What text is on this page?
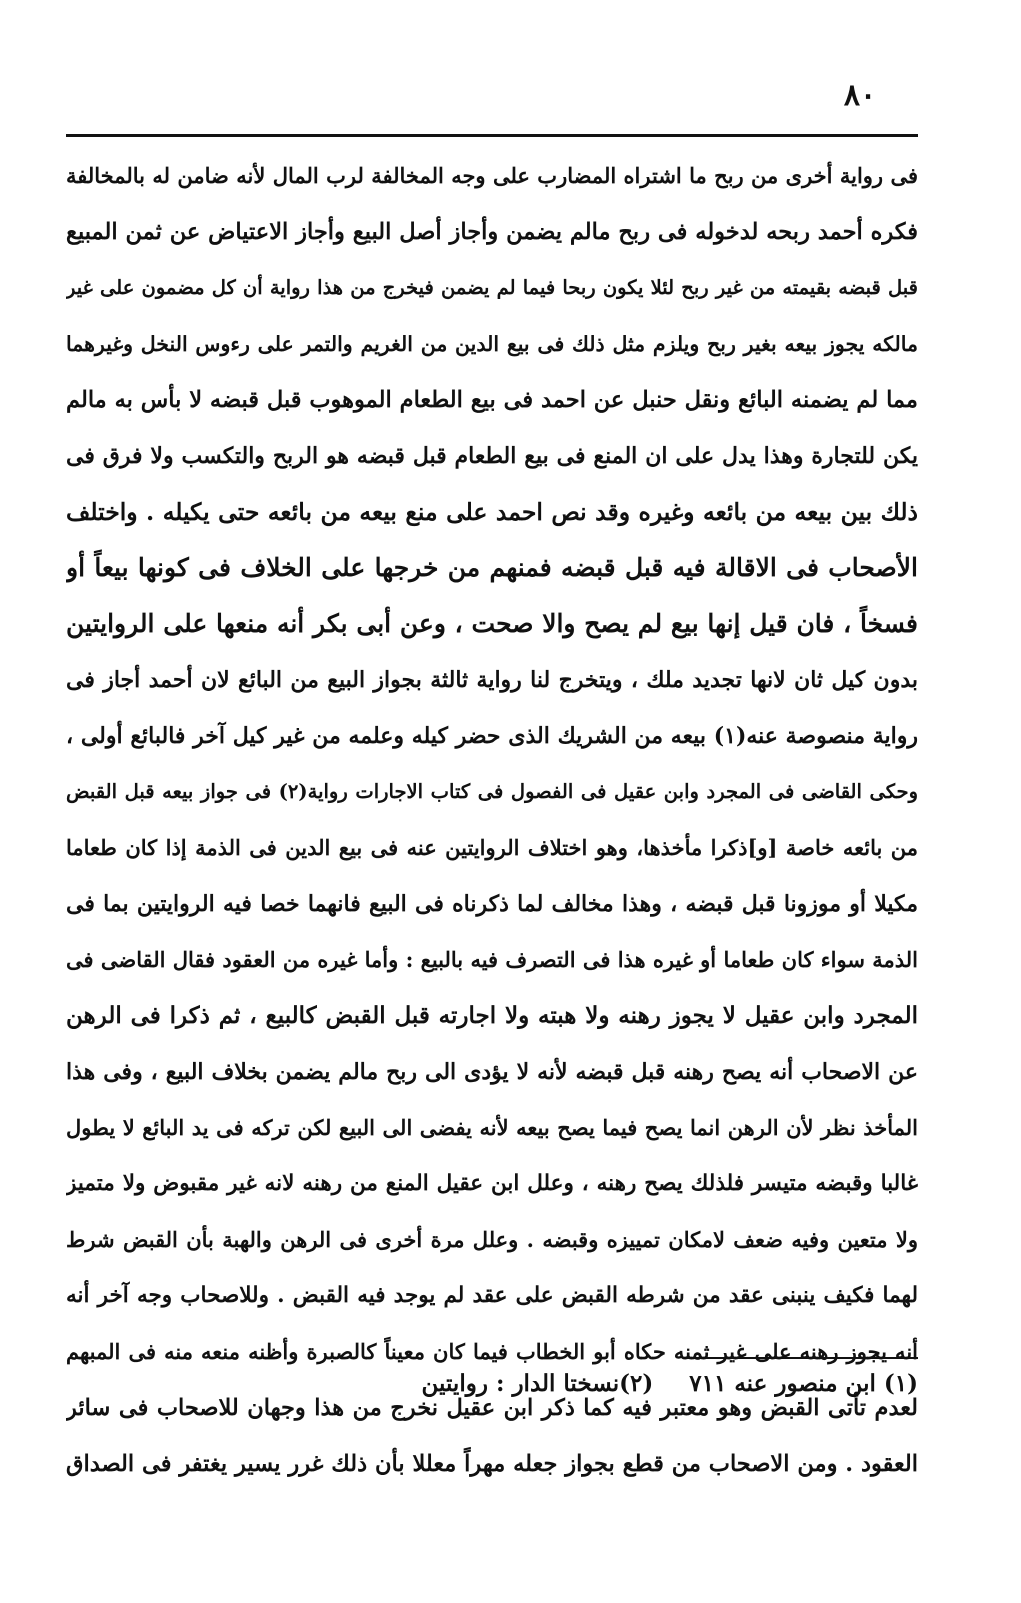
٨٠
فى رواية أخرى من ربح ما اشتراه المضارب على وجه المخالفة لرب المال لأنه ضامن له بالمخالفة
فكره أحمد ربحه لدخوله فى ربح مالم يضمن وأجاز أصل البيع وأجاز الاعتياض عن ثمن المبيع
قبل قبضه بقيمته من غير ربح لئلا يكون ربحا فيما لم يضمن فيخرج من هذا رواية أن كل مضمون على غير
مالكه يجوز بيعه بغير ربح ويلزم مثل ذلك فى بيع الدين من الغريم والتمر على رءوس النخل وغيرهما
مما لم يضمنه البائع ونقل حنبل عن احمد فى بيع الطعام الموهوب قبل قبضه لا بأس به مالم
يكن للتجارة وهذا يدل على ان المنع فى بيع الطعام قبل قبضه هو الربح والتكسب ولا فرق فى
ذلك بين بيعه من بائعه وغيره وقد نص احمد على منع بيعه من بائعه حتى يكيله . واختلف
الأصحاب فى الاقالة فيه قبل قبضه فمنهم من خرجها على الخلاف فى كونها بيعاً أو
فسخاً ، فان قيل إنها بيع لم يصح والا صحت ، وعن أبى بكر أنه منعها على الروايتين
بدون كيل ثان لانها تجديد ملك ، ويتخرج لنا رواية ثالثة بجواز البيع من البائع لان أحمد أجاز فى
رواية منصوصة عنه(١) بيعه من الشريك الذى حضر كيله وعلمه من غير كيل آخر فالبائع أولى ،
وحكى القاضى فى المجرد وابن عقيل فى الفصول فى كتاب الاجارات رواية(٢) فى جواز بيعه قبل القبض
من بائعه خاصة [و]ذكرا مأخذها، وهو اختلاف الروايتين عنه فى بيع الدين فى الذمة إذا كان طعاما
مكيلا أو موزونا قبل قبضه ، وهذا مخالف لما ذكرناه فى البيع فانهما خصا فيه الروايتين بما فى
الذمة سواء كان طعاما أو غيره هذا فى التصرف فيه بالبيع : وأما غيره من العقود فقال القاضى فى
المجرد وابن عقيل لا يجوز رهنه ولا هبته ولا اجارته قبل القبض كالبيع ، ثم ذكرا فى الرهن
عن الاصحاب أنه يصح رهنه قبل قبضه لأنه لا يؤدى الى ربح مالم يضمن بخلاف البيع ، وفى هذا
المأخذ نظر لأن الرهن انما يصح فيما يصح بيعه لأنه يفضى الى البيع لكن تركه فى يد البائع لا يطول
غالبا وقبضه متيسر فلذلك يصح رهنه ، وعلل ابن عقيل المنع من رهنه لانه غير مقبوض ولا متميز
ولا متعين وفيه ضعف لامكان تمييزه وقبضه . وعلل مرة أخرى فى الرهن والهبة بأن القبض شرط
لهما فكيف ينبنى عقد من شرطه القبض على عقد لم يوجد فيه القبض . وللاصحاب وجه آخر أنه
أنه يجوز رهنه على غير ثمنه حكاه أبو الخطاب فيما كان معيناً كالصبرة وأظنه منعه منه فى المبهم
لعدم تأتى القبض وهو معتبر فيه كما ذكر ابن عقيل نخرج من هذا وجهان للاصحاب فى سائر
العقود . ومن الاصحاب من قطع بجواز جعله مهراً معللا بأن ذلك غرر يسير يغتفر فى الصداق
(١) ابن منصور عنه ٧١١(٢)نسختا الدار : روايتين
